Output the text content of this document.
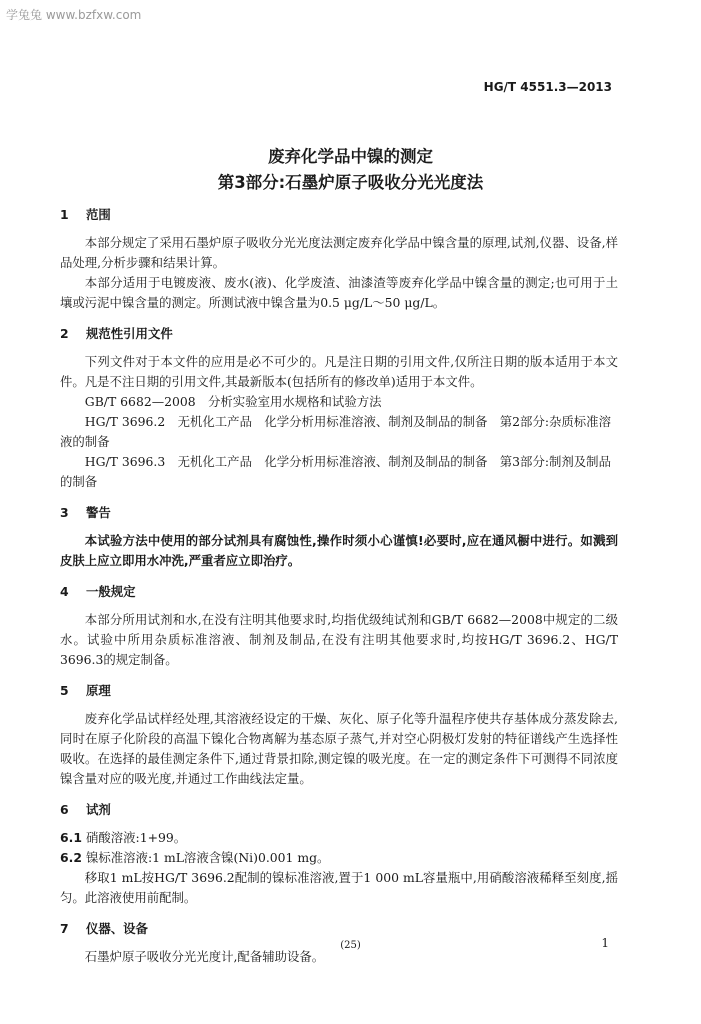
学兔兔 www.bzfxw.com
HG/T 4551.3—2013
废弃化学品中镍的测定
第3部分:石墨炉原子吸收分光光度法
1 范围

本部分规定了采用石墨炉原子吸收分光光度法测定废弃化学品中镍含量的原理,试剂,仪器、设备,样品处理,分析步骤和结果计算。

本部分适用于电镀废液、废水(液)、化学废渣、油漆渣等废弃化学品中镍含量的测定;也可用于土壤或污泥中镍含量的测定。所测试液中镍含量为0.5 μg/L～50 μg/L。

2 规范性引用文件

下列文件对于本文件的应用是必不可少的。凡是注日期的引用文件,仅所注日期的版本适用于本文件。凡是不注日期的引用文件,其最新版本(包括所有的修改单)适用于本文件。

GB/T 6682—2008　分析实验室用水规格和试验方法

HG/T 3696.2　无机化工产品　化学分析用标准溶液、制剂及制品的制备　第2部分:杂质标准溶液的制备

HG/T 3696.3　无机化工产品　化学分析用标准溶液、制剂及制品的制备　第3部分:制剂及制品的制备

3 警告

本试验方法中使用的部分试剂具有腐蚀性,操作时须小心谨慎!必要时,应在通风橱中进行。如溅到皮肤上应立即用水冲洗,严重者应立即治疗。

4 一般规定

本部分所用试剂和水,在没有注明其他要求时,均指优级纯试剂和GB/T 6682—2008中规定的二级水。试验中所用杂质标准溶液、制剂及制品,在没有注明其他要求时,均按HG/T 3696.2、HG/T 3696.3的规定制备。

5 原理

废弃化学品试样经处理,其溶液经设定的干燥、灰化、原子化等升温程序使共存基体成分蒸发除去,同时在原子化阶段的高温下镍化合物离解为基态原子蒸气,并对空心阴极灯发射的特征谱线产生选择性吸收。在选择的最佳测定条件下,通过背景扣除,测定镍的吸光度。在一定的测定条件下可测得不同浓度镍含量对应的吸光度,并通过工作曲线法定量。

6 试剂

6.1 硝酸溶液:1+99。

6.2 镍标准溶液:1 mL溶液含镍(Ni)0.001 mg。

移取1 mL按HG/T 3696.2配制的镍标准溶液,置于1 000 mL容量瓶中,用硝酸溶液稀释至刻度,摇匀。此溶液使用前配制。

7 仪器、设备

石墨炉原子吸收分光光度计,配备辅助设备。

(25)	1
